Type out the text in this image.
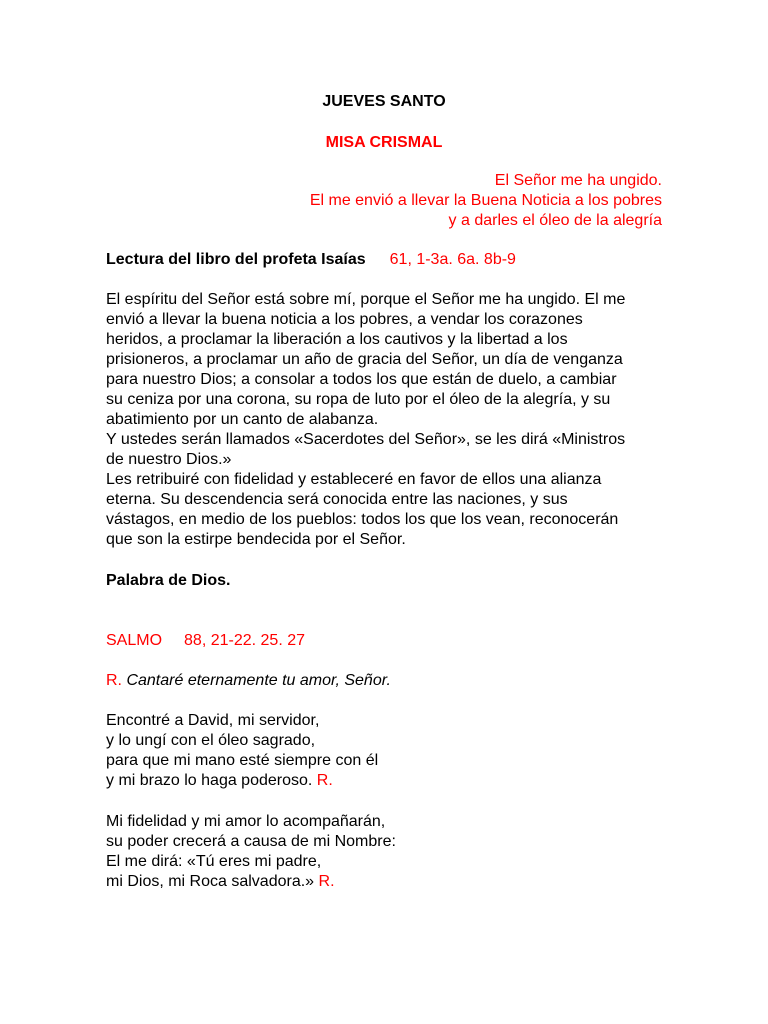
JUEVES SANTO
MISA CRISMAL
El Señor me ha ungido.
El me envió a llevar la Buena Noticia a los pobres
y a darles el óleo de la alegría
Lectura del libro del profeta Isaías 61, 1-3a. 6a. 8b-9
El espíritu del Señor está sobre mí, porque el Señor me ha ungido. El me
envió a llevar la buena noticia a los pobres, a vendar los corazones
heridos, a proclamar la liberación a los cautivos y la libertad a los
prisioneros, a proclamar un año de gracia del Señor, un día de venganza
para nuestro Dios; a consolar a todos los que están de duelo, a cambiar
su ceniza por una corona, su ropa de luto por el óleo de la alegría, y su
abatimiento por un canto de alabanza.
Y ustedes serán llamados «Sacerdotes del Señor», se les dirá «Ministros
de nuestro Dios.»
Les retribuiré con fidelidad y estableceré en favor de ellos una alianza
eterna. Su descendencia será conocida entre las naciones, y sus
vástagos, en medio de los pueblos: todos los que los vean, reconocerán
que son la estirpe bendecida por el Señor.
Palabra de Dios.
SALMO 88, 21-22. 25. 27
R. Cantaré eternamente tu amor, Señor.
Encontré a David, mi servidor,
y lo ungí con el óleo sagrado,
para que mi mano esté siempre con él
y mi brazo lo haga poderoso. R.
Mi fidelidad y mi amor lo acompañarán,
su poder crecerá a causa de mi Nombre:
El me dirá: «Tú eres mi padre,
mi Dios, mi Roca salvadora.» R.
